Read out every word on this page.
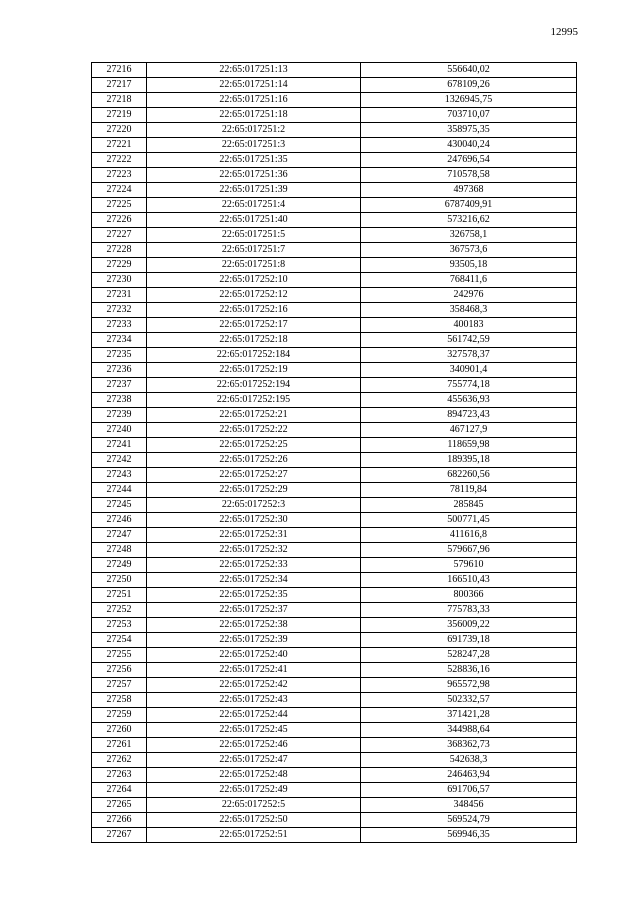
12995
27216	22:65:017251:13	556640,02
27217	22:65:017251:14	678109,26
27218	22:65:017251:16	1326945,75
27219	22:65:017251:18	703710,07
27220	22:65:017251:2	358975,35
27221	22:65:017251:3	430040,24
27222	22:65:017251:35	247696,54
27223	22:65:017251:36	710578,58
27224	22:65:017251:39	497368
27225	22:65:017251:4	6787409,91
27226	22:65:017251:40	573216,62
27227	22:65:017251:5	326758,1
27228	22:65:017251:7	367573,6
27229	22:65:017251:8	93505,18
27230	22:65:017252:10	768411,6
27231	22:65:017252:12	242976
27232	22:65:017252:16	358468,3
27233	22:65:017252:17	400183
27234	22:65:017252:18	561742,59
27235	22:65:017252:184	327578,37
27236	22:65:017252:19	340901,4
27237	22:65:017252:194	755774,18
27238	22:65:017252:195	455636,93
27239	22:65:017252:21	894723,43
27240	22:65:017252:22	467127,9
27241	22:65:017252:25	118659,98
27242	22:65:017252:26	189395,18
27243	22:65:017252:27	682260,56
27244	22:65:017252:29	78119,84
27245	22:65:017252:3	285845
27246	22:65:017252:30	500771,45
27247	22:65:017252:31	411616,8
27248	22:65:017252:32	579667,96
27249	22:65:017252:33	579610
27250	22:65:017252:34	166510,43
27251	22:65:017252:35	800366
27252	22:65:017252:37	775783,33
27253	22:65:017252:38	356009,22
27254	22:65:017252:39	691739,18
27255	22:65:017252:40	528247,28
27256	22:65:017252:41	528836,16
27257	22:65:017252:42	965572,98
27258	22:65:017252:43	502332,57
27259	22:65:017252:44	371421,28
27260	22:65:017252:45	344988,64
27261	22:65:017252:46	368362,73
27262	22:65:017252:47	542638,3
27263	22:65:017252:48	246463,94
27264	22:65:017252:49	691706,57
27265	22:65:017252:5	348456
27266	22:65:017252:50	569524,79
27267	22:65:017252:51	569946,35
